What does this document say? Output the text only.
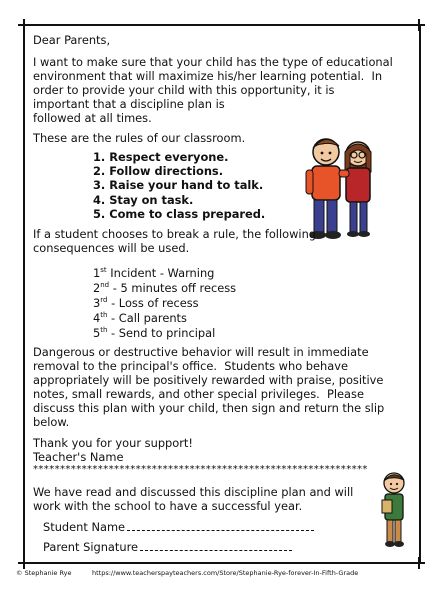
Dear Parents,
I want to make sure that your child has the type of educational
environment that will maximize his/her learning potential.  In
order to provide your child with this opportunity, it is
important that a discipline plan is
followed at all times.
These are the rules of our classroom.
1. Respect everyone.
2. Follow directions.
3. Raise your hand to talk.
4. Stay on task.
5. Come to class prepared.
If a student chooses to break a rule, the following
consequences will be used.
1st Incident - Warning
2nd - 5 minutes off recess
3rd - Loss of recess
4th - Call parents
5th - Send to principal
Dangerous or destructive behavior will result in immediate
removal to the principal's office.  Students who behave
appropriately will be positively rewarded with praise, positive
notes, small rewards, and other special privileges.  Please
discuss this plan with your child, then sign and return the slip
below.
Thank you for your support!
Teacher's Name
**************************************************************
We have read and discussed this discipline plan and will
work with the school to have a successful year.
Student Name
Parent Signature
© Stephanie Rye	https://www.teacherspayteachers.com/Store/Stephanie-Rye-forever-In-Fifth-Grade
